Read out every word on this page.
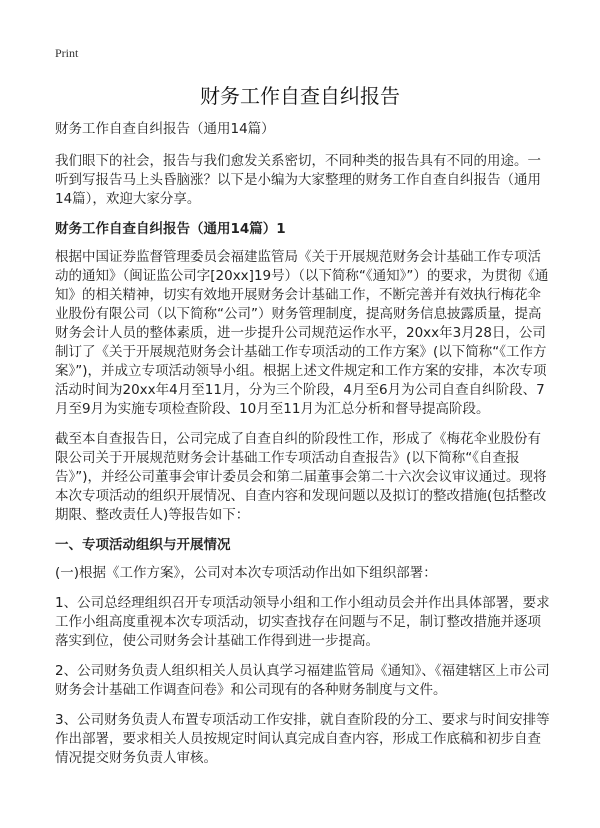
Print
财务工作自查自纠报告

财务工作自查自纠报告（通用14篇）

我们眼下的社会，报告与我们愈发关系密切，不同种类的报告具有不同的用途。一听到写报告马上头昏脑涨？以下是小编为大家整理的财务工作自查自纠报告（通用14篇），欢迎大家分享。

财务工作自查自纠报告（通用14篇）1

根据中国证券监督管理委员会福建监管局《关于开展规范财务会计基础工作专项活动的通知》（闽证监公司字[20xx]19号）（以下简称“《通知》”）的要求，为贯彻《通知》的相关精神，切实有效地开展财务会计基础工作，不断完善并有效执行梅花伞业股份有限公司（以下简称“公司”）财务管理制度，提高财务信息披露质量，提高财务会计人员的整体素质，进一步提升公司规范运作水平，20xx年3月28日，公司制订了《关于开展规范财务会计基础工作专项活动的工作方案》(以下简称“《工作方案》”)，并成立专项活动领导小组。根据上述文件规定和工作方案的安排，本次专项活动时间为20xx年4月至11月，分为三个阶段，4月至6月为公司自查自纠阶段、7月至9月为实施专项检查阶段、10月至11月为汇总分析和督导提高阶段。

截至本自查报告日，公司完成了自查自纠的阶段性工作，形成了《梅花伞业股份有限公司关于开展规范财务会计基础工作专项活动自查报告》(以下简称“《自查报告》”)，并经公司董事会审计委员会和第二届董事会第二十六次会议审议通过。现将本次专项活动的组织开展情况、自查内容和发现问题以及拟订的整改措施(包括整改期限、整改责任人)等报告如下：

一、专项活动组织与开展情况

(一)根据《工作方案》，公司对本次专项活动作出如下组织部署：

1、公司总经理组织召开专项活动领导小组和工作小组动员会并作出具体部署，要求工作小组高度重视本次专项活动，切实查找存在问题与不足，制订整改措施并逐项落实到位，使公司财务会计基础工作得到进一步提高。

2、公司财务负责人组织相关人员认真学习福建监管局《通知》、《福建辖区上市公司财务会计基础工作调查问卷》和公司现有的各种财务制度与文件。

3、公司财务负责人布置专项活动工作安排，就自查阶段的分工、要求与时间安排等作出部署，要求相关人员按规定时间认真完成自查内容，形成工作底稿和初步自查情况提交财务负责人审核。
